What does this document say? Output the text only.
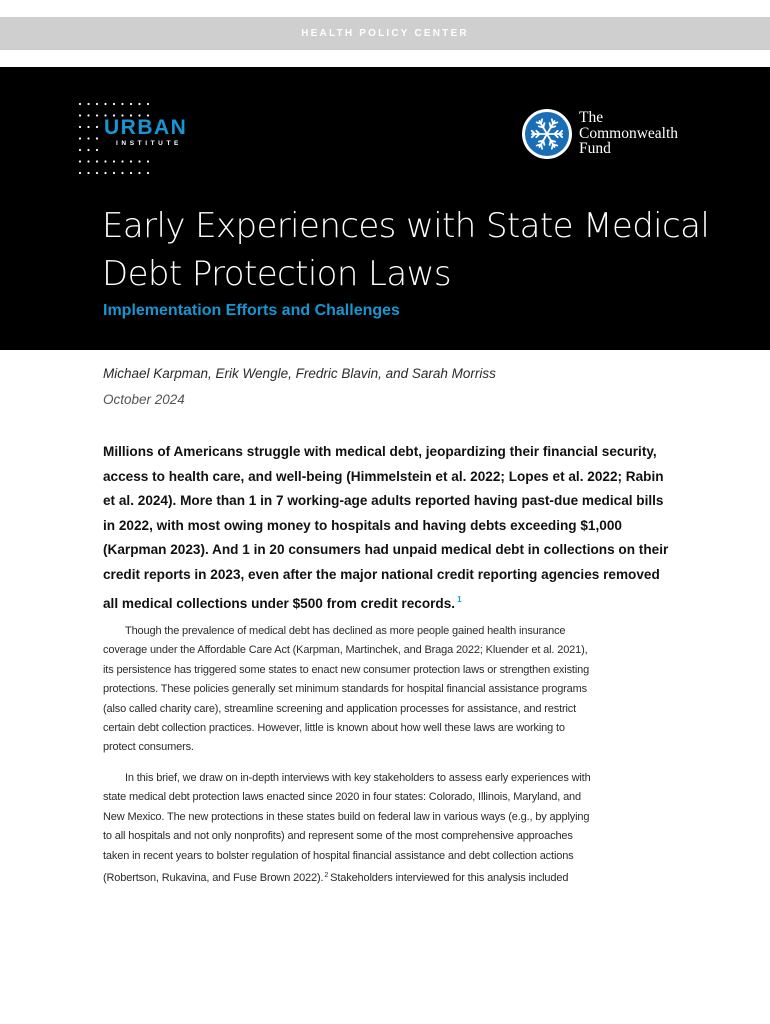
HEALTH POLICY CENTER
URBAN
INSTITUTE
The
Commonwealth
Fund
Early Experiences with State Medical
Debt Protection Laws
Implementation Efforts and Challenges
Michael Karpman, Erik Wengle, Fredric Blavin, and Sarah Morriss
October 2024

Millions of Americans struggle with medical debt, jeopardizing their financial security,

access to health care, and well-being (Himmelstein et al. 2022; Lopes et al. 2022; Rabin

et al. 2024). More than 1 in 7 working-age adults reported having past-due medical bills

in 2022, with most owing money to hospitals and having debts exceeding $1,000

(Karpman 2023). And 1 in 20 consumers had unpaid medical debt in collections on their

credit reports in 2023, even after the major national credit reporting agencies removed

all medical collections under $500 from credit records. $^1$

Though the prevalence of medical debt has declined as more people gained health insurance

coverage under the Affordable Care Act (Karpman, Martinchek, and Braga 2022; Kluender et al. 2021),

its persistence has triggered some states to enact new consumer protection laws or strengthen existing

protections. These policies generally set minimum standards for hospital financial assistance programs

(also called charity care), streamline screening and application processes for assistance, and restrict

certain debt collection practices. However, little is known about how well these laws are working to

protect consumers.

In this brief, we draw on in-depth interviews with key stakeholders to assess early experiences with

state medical debt protection laws enacted since 2020 in four states: Colorado, Illinois, Maryland, and

New Mexico. The new protections in these states build on federal law in various ways (e.g., by applying

to all hospitals and not only nonprofits) and represent some of the most comprehensive approaches

taken in recent years to bolster regulation of hospital financial assistance and debt collection actions

(Robertson, Rukavina, and Fuse Brown 2022).$^2$ Stakeholders interviewed for this analysis included
